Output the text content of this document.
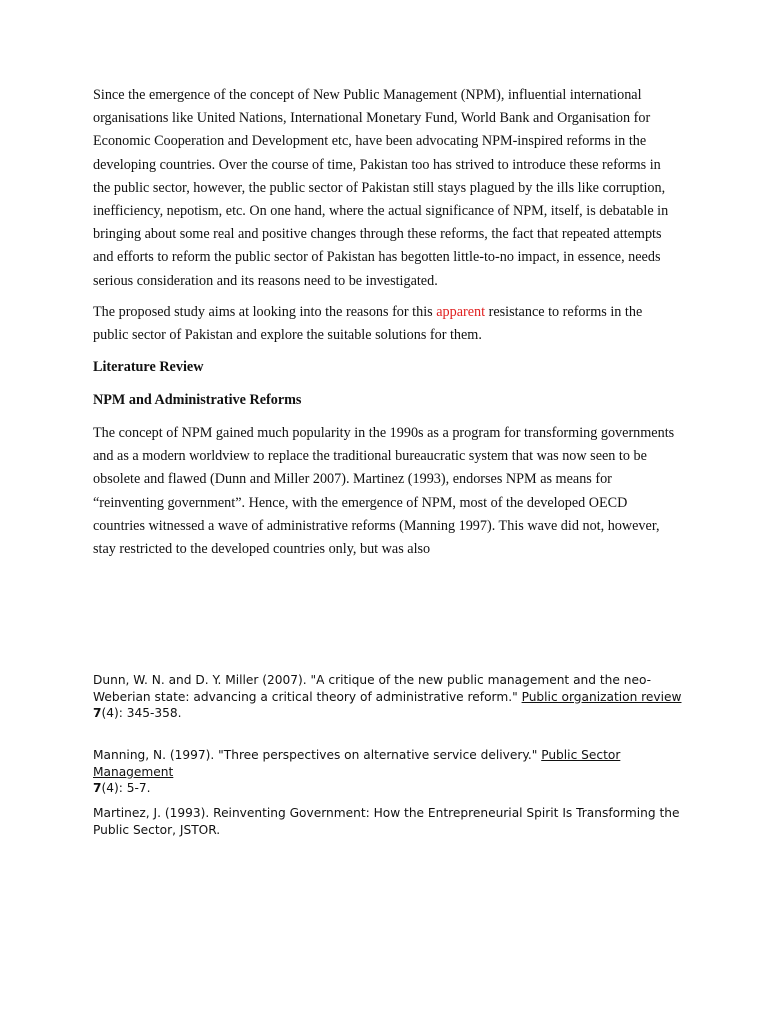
Since the emergence of the concept of New Public Management (NPM), influential international organisations like United Nations, International Monetary Fund, World Bank and Organisation for Economic Cooperation and Development etc, have been advocating NPM-inspired reforms in the developing countries. Over the course of time, Pakistan too has strived to introduce these reforms in the public sector, however, the public sector of Pakistan still stays plagued by the ills like corruption, inefficiency, nepotism, etc. On one hand, where the actual significance of NPM, itself, is debatable in bringing about some real and positive changes through these reforms, the fact that repeated attempts and efforts to reform the public sector of Pakistan has begotten little-to-no impact, in essence, needs serious consideration and its reasons need to be investigated.

The proposed study aims at looking into the reasons for this apparent resistance to reforms in the public sector of Pakistan and explore the suitable solutions for them.

Literature Review

NPM and Administrative Reforms

The concept of NPM gained much popularity in the 1990s as a program for transforming governments and as a modern worldview to replace the traditional bureaucratic system that was now seen to be obsolete and flawed (Dunn and Miller 2007). Martinez (1993), endorses NPM as means for “reinventing government”. Hence, with the emergence of NPM, most of the developed OECD countries witnessed a wave of administrative reforms (Manning 1997). This wave did not, however, stay restricted to the developed countries only, but was also

Dunn, W. N. and D. Y. Miller (2007). "A critique of the new public management and the neo-Weberian state: advancing a critical theory of administrative reform." Public organization review
7(4): 345-358.

Manning, N. (1997). "Three perspectives on alternative service delivery." Public Sector Management
7(4): 5-7.

Martinez, J. (1993). Reinventing Government: How the Entrepreneurial Spirit Is Transforming the Public Sector, JSTOR.
